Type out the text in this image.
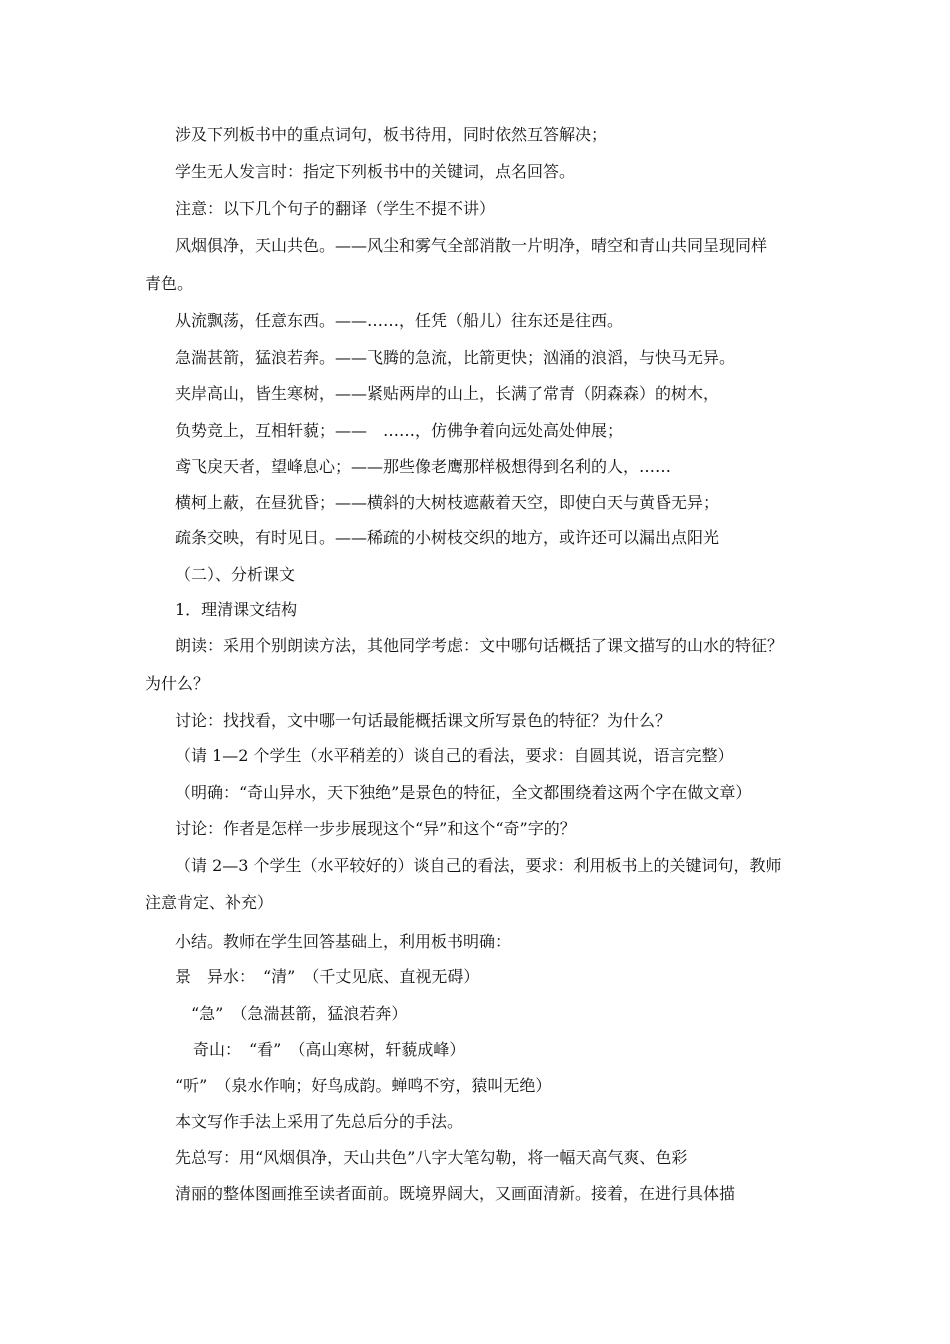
涉及下列板书中的重点词句，板书待用，同时依然互答解决；
学生无人发言时：指定下列板书中的关键词，点名回答。
注意：以下几个句子的翻译（学生不提不讲）
风烟俱净，天山共色。——风尘和雾气全部消散一片明净，晴空和青山共同呈现同样
青色。
从流飘荡，任意东西。——……，任凭（船儿）往东还是往西。
急湍甚箭，猛浪若奔。——飞腾的急流，比箭更快；汹涌的浪滔，与快马无异。
夹岸高山，皆生寒树，——紧贴两岸的山上，长满了常青（阴森森）的树木，
负势竞上，互相轩藐；——　……，仿佛争着向远处高处伸展；
鸢飞戾天者，望峰息心；——那些像老鹰那样极想得到名利的人，……
横柯上蔽，在昼犹昏；——横斜的大树枝遮蔽着天空，即使白天与黄昏无异；
疏条交映，有时见日。——稀疏的小树枝交织的地方，或许还可以漏出点阳光
（二）、分析课文
1．理清课文结构
朗读：采用个别朗读方法，其他同学考虑：文中哪句话概括了课文描写的山水的特征？
为什么？
讨论：找找看，文中哪一句话最能概括课文所写景色的特征？为什么？
（请 1—2 个学生（水平稍差的）谈自己的看法，要求：自圆其说，语言完整）
（明确：“奇山异水，天下独绝”是景色的特征，全文都围绕着这两个字在做文章）
讨论：作者是怎样一步步展现这个“异”和这个“奇”字的？
（请 2—3 个学生（水平较好的）谈自己的看法，要求：利用板书上的关键词句，教师
注意肯定、补充）
小结。教师在学生回答基础上，利用板书明确：
景　异水：　“清”　（千丈见底、直视无碍）
“急”　（急湍甚箭，猛浪若奔）
奇山：　“看”　（高山寒树，轩藐成峰）
“听”　（泉水作响；好鸟成韵。蝉鸣不穷，猿叫无绝）
本文写作手法上采用了先总后分的手法。
先总写：用“风烟俱净，天山共色”八字大笔勾勒，将一幅天高气爽、色彩
清丽的整体图画推至读者面前。既境界阔大，又画面清新。接着，在进行具体描
